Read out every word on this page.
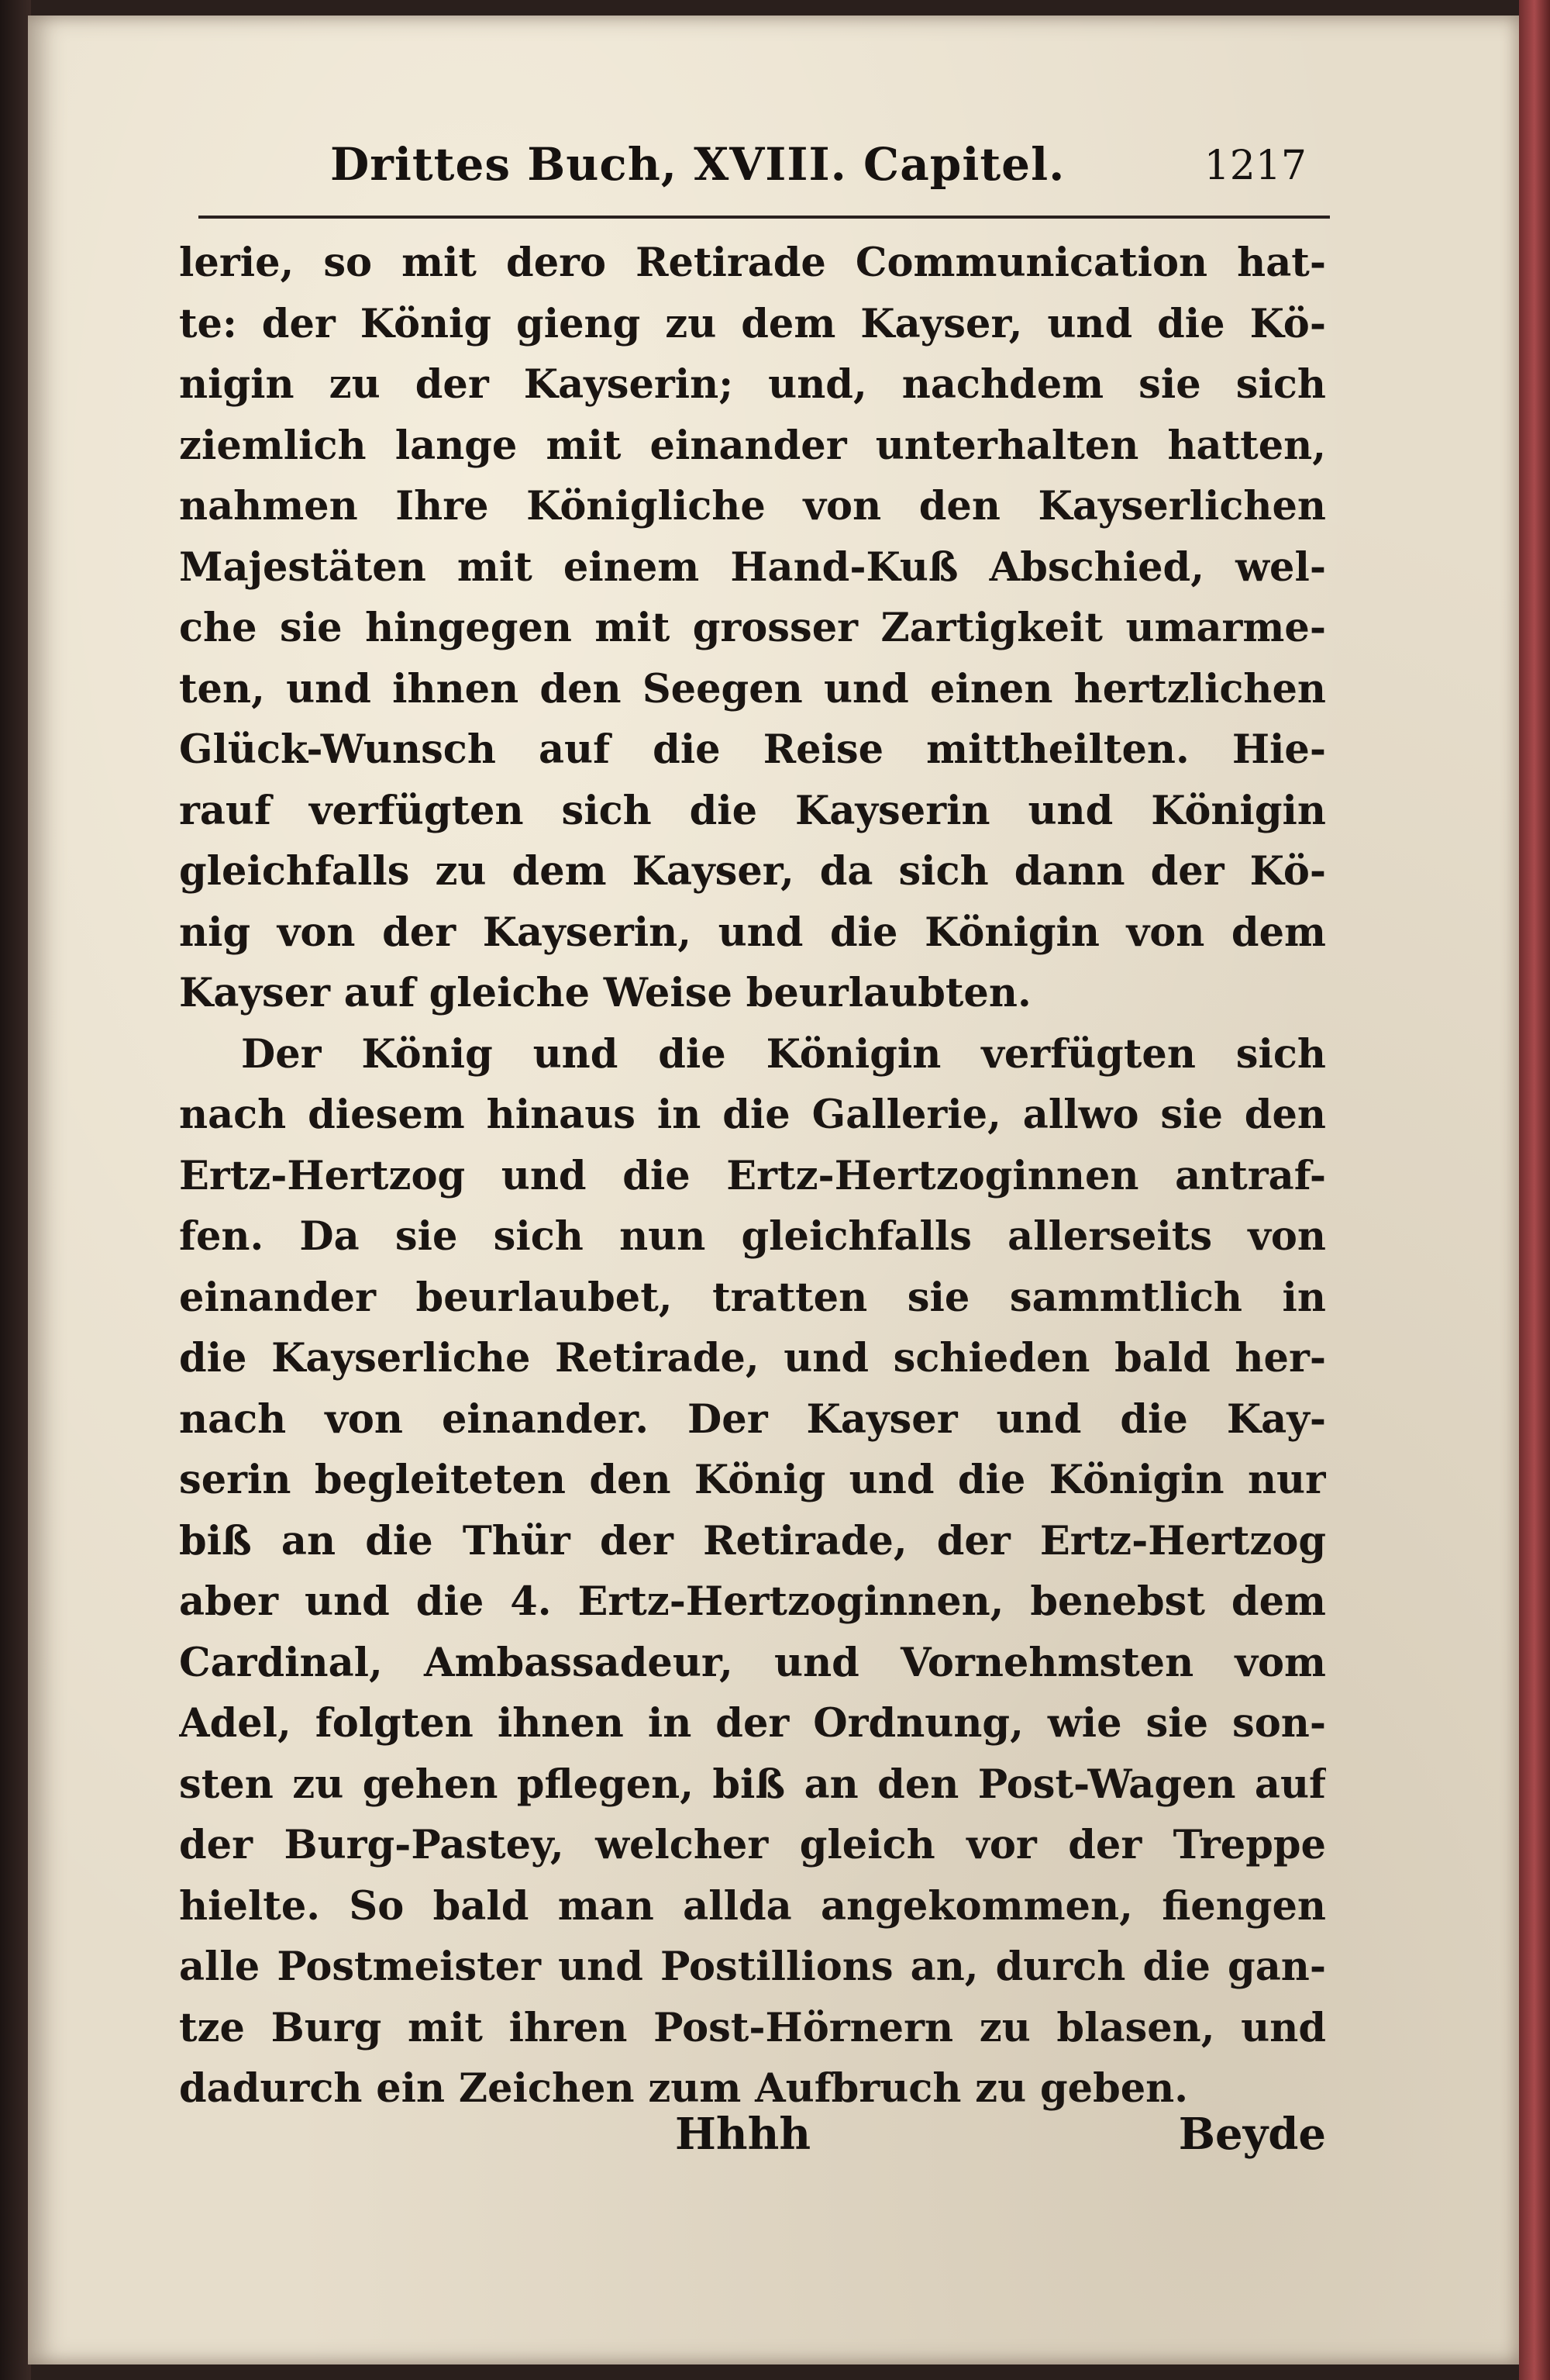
Drittes Buch, XVIII. Capitel.	1217
lerie, so mit dero Retirade Communication hat-
te: der König gieng zu dem Kayser, und die Kö-
nigin zu der Kayserin; und, nachdem sie sich
ziemlich lange mit einander unterhalten hatten,
nahmen Ihre Königliche von den Kayserlichen
Majestäten mit einem Hand-Kuß Abschied, wel-
che sie hingegen mit grosser Zartigkeit umarme-
ten, und ihnen den Seegen und einen hertzlichen
Glück-Wunsch auf die Reise mittheilten. Hie-
rauf verfügten sich die Kayserin und Königin
gleichfalls zu dem Kayser, da sich dann der Kö-
nig von der Kayserin, und die Königin von dem
Kayser auf gleiche Weise beurlaubten.
Der König und die Königin verfügten sich
nach diesem hinaus in die Gallerie, allwo sie den
Ertz-Hertzog und die Ertz-Hertzoginnen antraf-
fen. Da sie sich nun gleichfalls allerseits von
einander beurlaubet, tratten sie sammtlich in
die Kayserliche Retirade, und schieden bald her-
nach von einander. Der Kayser und die Kay-
serin begleiteten den König und die Königin nur
biß an die Thür der Retirade, der Ertz-Hertzog
aber und die 4. Ertz-Hertzoginnen, benebst dem
Cardinal, Ambassadeur, und Vornehmsten vom
Adel, folgten ihnen in der Ordnung, wie sie son-
sten zu gehen pflegen, biß an den Post-Wagen auf
der Burg-Pastey, welcher gleich vor der Treppe
hielte. So bald man allda angekommen, fiengen
alle Postmeister und Postillions an, durch die gan-
tze Burg mit ihren Post-Hörnern zu blasen, und
dadurch ein Zeichen zum Aufbruch zu geben.
Hhhh	Beyde
